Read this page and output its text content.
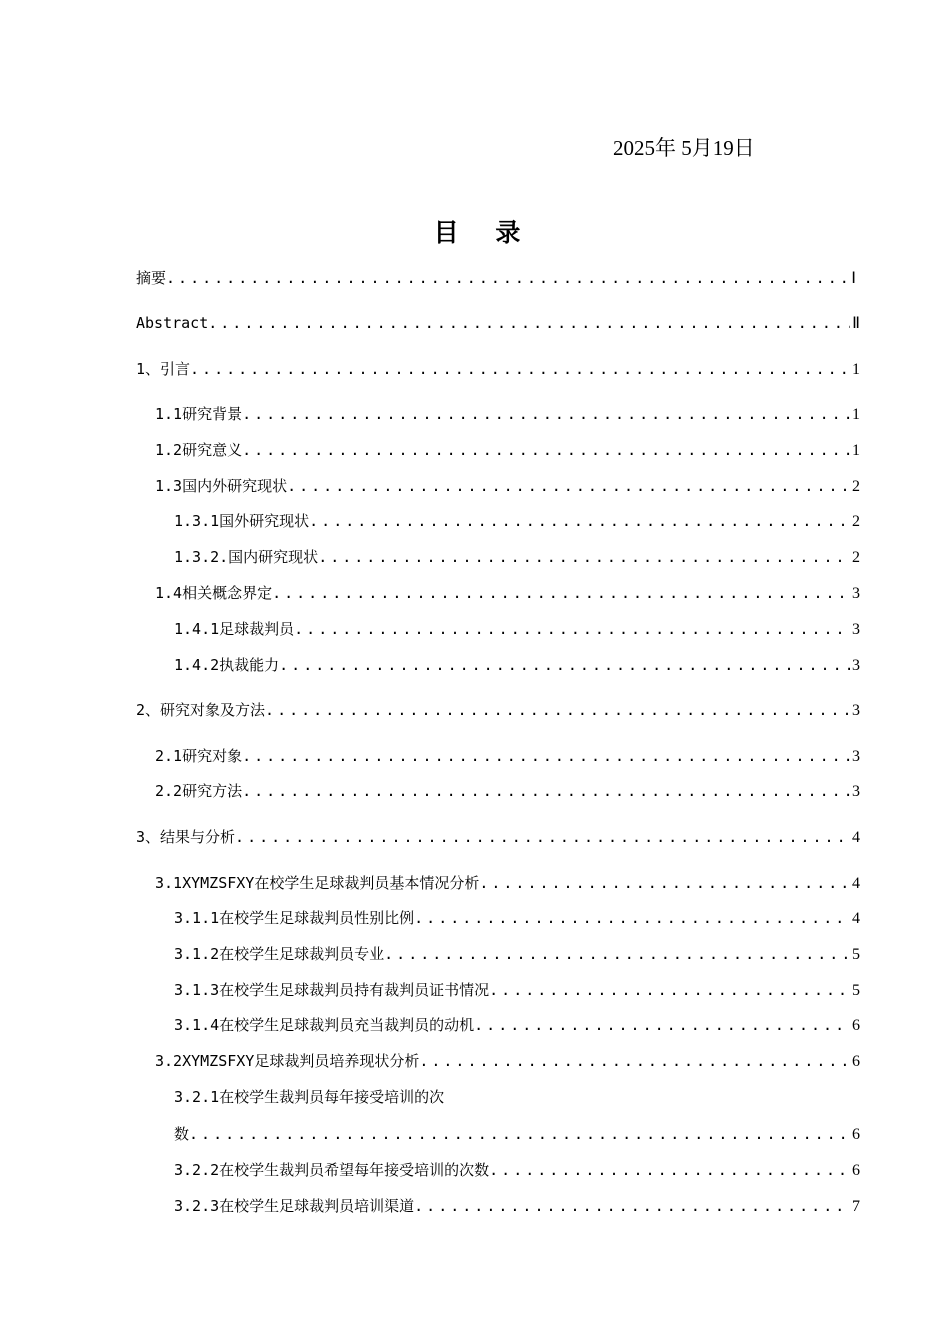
2025年 5月19日
目 录
摘要 .....	Ⅰ
Abstract .....	Ⅱ
1、引言 .....	1
1.1研究背景 .....	1
1.2研究意义 .....	1
1.3国内外研究现状 .....	2
1.3.1国外研究现状 .....	2
1.3.2.国内研究现状 .....	2
1.4相关概念界定 .....	3
1.4.1足球裁判员 .....	3
1.4.2执裁能力 .....	3
2、研究对象及方法 .....	3
2.1研究对象 .....	3
2.2研究方法 .....	3
3、结果与分析 .....	4
3.1XYMZSFXY在校学生足球裁判员基本情况分析 .....	4
3.1.1在校学生足球裁判员性别比例 .....	4
3.1.2在校学生足球裁判员专业 .....	5
3.1.3在校学生足球裁判员持有裁判员证书情况 .....	5
3.1.4在校学生足球裁判员充当裁判员的动机 .....	6
3.2XYMZSFXY足球裁判员培养现状分析 .....	6
3.2.1在校学生裁判员每年接受培训的次
数 .....	6
3.2.2在校学生裁判员希望每年接受培训的次数 .....	6
3.2.3在校学生足球裁判员培训渠道 .....	7
